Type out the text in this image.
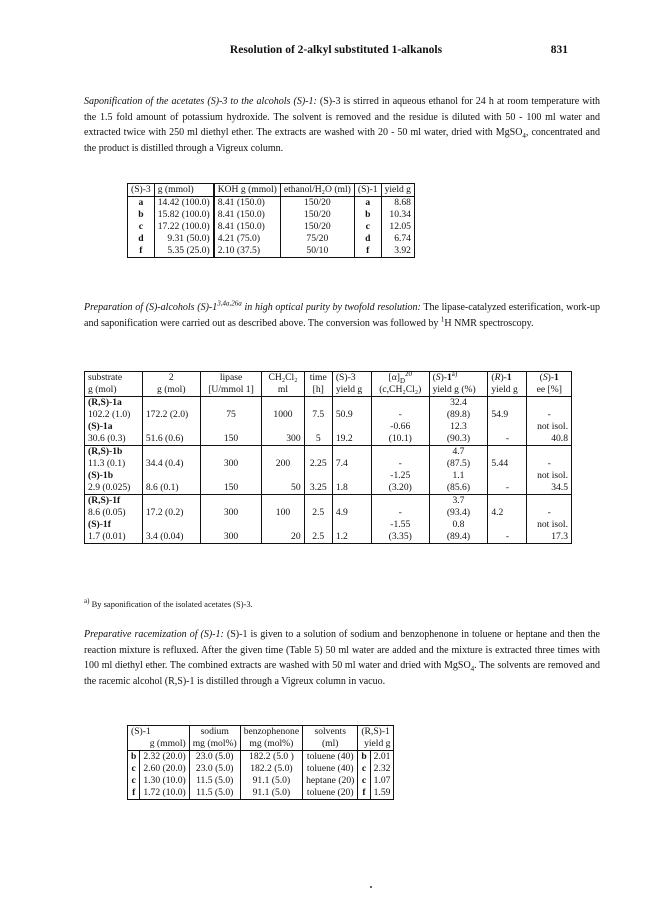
Resolution of 2-alkyl substituted 1-alkanols	831

Saponification of the acetates (S)-3 to the alcohols (S)-1: (S)-3 is stirred in aqueous ethanol for 24 h at room temperature with the 1.5 fold amount of potassium hydroxide. The solvent is removed and the residue is diluted with 50 - 100 ml water and extracted twice with 250 ml diethyl ether. The extracts are washed with 20 - 50 ml water, dried with MgSO$_4$, concentrated and the product is distilled through a Vigreux column.

(S)-3	g (mmol)	KOH g (mmol)	ethanol/H₂O (ml)	(S)-1	yield g
a	14.42 (100.0)	8.41 (150.0)	150/20	a	8.68
b	15.82 (100.0)	8.41 (150.0)	150/20	b	10.34
c	17.22 (100.0)	8.41 (150.0)	150/20	c	12.05
d	9.31 (50.0)	4.21 (75.0)	75/20	d	6.74
f	5.35 (25.0)	2.10 (37.5)	50/10	f	3.92

Preparation of (S)-alcohols $(S)-1^{3,4a,26a}$ in high optical purity by twofold resolution: The lipase-catalyzed esterification, work-up and saponification were carried out as described above. The conversion was followed by $^1$H NMR spectroscopy.

substrate	2	lipase	CH₂Cl₂	time	(S)-3	$[\alpha]_D^{20}$	(S)-1$^{a)}$	(R)-1	(S)-1
g (mol)	g (mol)	[U/mmol 1]	ml	[h]	yield g	(c,CH₂Cl₂)	yield g (%)	yield g	ee [%]
(R,S)-1a							32.4		
102.2 (1.0)	172.2 (2.0)	75	1000	7.5	50.9	-	(89.8)	54.9	-
(S)-1a						-0.66	12.3		not isol.
30.6 (0.3)	51.6 (0.6)	150	300	5	19.2	(10.1)	(90.3)	-	40.8
(R,S)-1b							4.7		
11.3 (0.1)	34.4 (0.4)	300	200	2.25	7.4	-	(87.5)	5.44	-
(S)-1b						-1.25	1.1		not isol.
2.9 (0.025)	8.6 (0.1)	150	50	3.25	1.8	(3.20)	(85.6)	-	34.5
(R,S)-1f							3.7		
8.6 (0.05)	17.2 (0.2)	300	100	2.5	4.9	-	(93.4)	4.2	-
(S)-1f						-1.55	0.8		not isol.
1.7 (0.01)	3.4 (0.04)	300	20	2.5	1.2	(3.35)	(89.4)	-	17.3
$^{a)}$ By saponification of the isolated acetates (S)-3.

Preparative racemization of (S)-1: (S)-1 is given to a solution of sodium and benzophenone in toluene or heptane and then the reaction mixture is refluxed. After the given time (Table 5) 50 ml water are added and the mixture is extracted three times with 100 ml diethyl ether. The combined extracts are washed with 50 ml water and dried with MgSO$_4$. The solvents are removed and the racemic alcohol (R,S)-1 is distilled through a Vigreux column in vacuo.

(S)-1		sodium	benzophenone	solvents	(R,S)-1	
g (mmol)		mg (mol%)	mg (mol%)	(ml)	yield g	
b	2.32 (20.0)	23.0 (5.0)	182.2 (5.0 )	toluene (40)	b	2.01
c	2.60 (20.0)	23.0 (5.0)	182.2 (5.0)	toluene (40)	c	2.32
c	1.30 (10.0)	11.5 (5.0)	91.1 (5.0)	heptane (20)	c	1.07
f	1.72 (10.0)	11.5 (5.0)	91.1 (5.0)	toluene (20)	f	1.59
